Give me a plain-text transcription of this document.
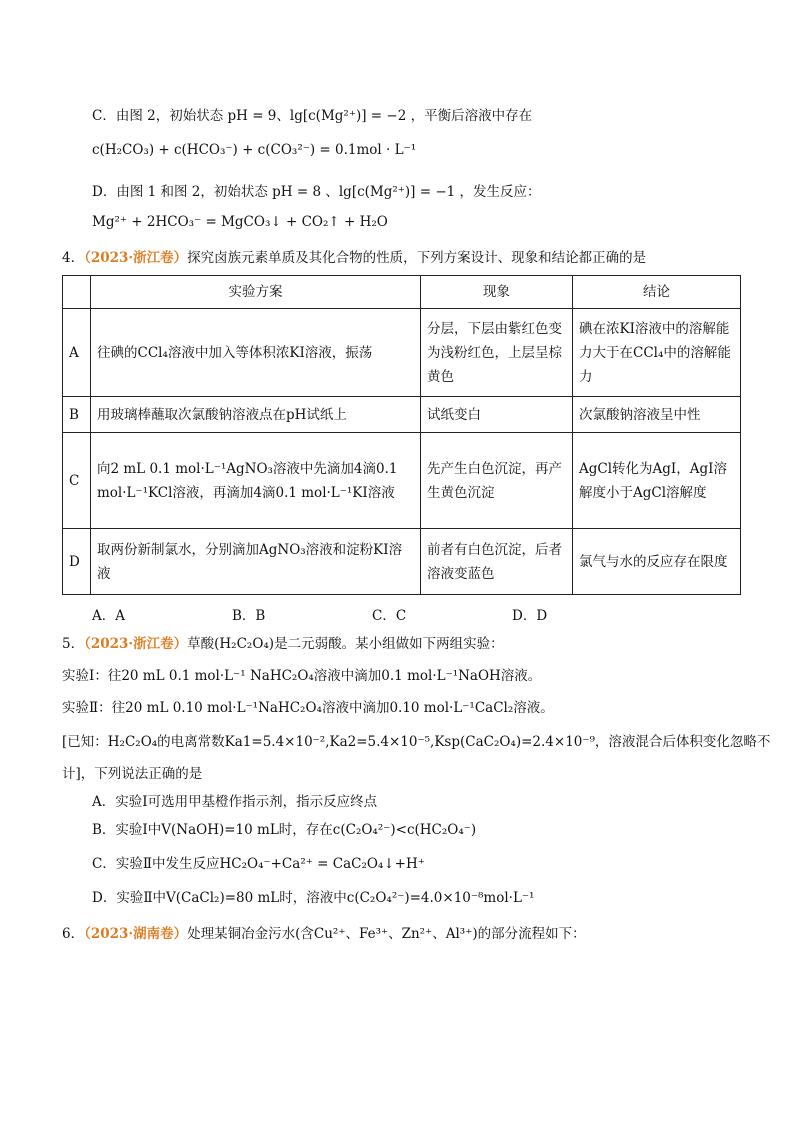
C．由图 2，初始状态 pH = 9、lg[c(Mg²⁺)] = −2 ，平衡后溶液中存在
c(H₂CO₃) + c(HCO₃⁻) + c(CO₃²⁻) = 0.1mol · L⁻¹
D．由图 1 和图 2，初始状态 pH = 8 、lg[c(Mg²⁺)] = −1 ，发生反应：
Mg²⁺ + 2HCO₃⁻ = MgCO₃↓ + CO₂↑ + H₂O
4．（2023·浙江卷）探究卤族元素单质及其化合物的性质，下列方案设计、现象和结论都正确的是
	实验方案	现象	结论
A	往碘的CCl₄溶液中加入等体积浓KI溶液，振荡	分层，下层由紫红色变为浅粉红色，上层呈棕黄色	碘在浓KI溶液中的溶解能力大于在CCl₄中的溶解能力
B	用玻璃棒蘸取次氯酸钠溶液点在pH试纸上	试纸变白	次氯酸钠溶液呈中性
C	向2 mL 0.1 mol·L⁻¹AgNO₃溶液中先滴加4滴0.1 mol·L⁻¹KCl溶液，再滴加4滴0.1 mol·L⁻¹KI溶液	先产生白色沉淀，再产生黄色沉淀	AgCl转化为AgI，AgI溶解度小于AgCl溶解度
D	取两份新制氯水，分别滴加AgNO₃溶液和淀粉KI溶液	前者有白色沉淀，后者溶液变蓝色	氯气与水的反应存在限度
A．A	B．B	C．C	D．D
5．（2023·浙江卷）草酸(H₂C₂O₄)是二元弱酸。某小组做如下两组实验：
实验Ⅰ：往20 mL 0.1 mol·L⁻¹ NaHC₂O₄溶液中滴加0.1 mol·L⁻¹NaOH溶液。
实验Ⅱ：往20 mL 0.10 mol·L⁻¹NaHC₂O₄溶液中滴加0.10 mol·L⁻¹CaCl₂溶液。
[已知：H₂C₂O₄的电离常数Ka1=5.4×10⁻²,Ka2=5.4×10⁻⁵,Ksp(CaC₂O₄)=2.4×10⁻⁹，溶液混合后体积变化忽略不
计]，下列说法正确的是
A．实验Ⅰ可选用甲基橙作指示剂，指示反应终点
B．实验Ⅰ中V(NaOH)=10 mL时，存在c(C₂O₄²⁻)<c(HC₂O₄⁻)
C．实验Ⅱ中发生反应HC₂O₄⁻+Ca²⁺ = CaC₂O₄↓+H⁺
D．实验Ⅱ中V(CaCl₂)=80 mL时，溶液中c(C₂O₄²⁻)=4.0×10⁻⁸mol·L⁻¹
6．（2023·湖南卷）处理某铜冶金污水(含Cu²⁺、Fe³⁺、Zn²⁺、Al³⁺)的部分流程如下：
